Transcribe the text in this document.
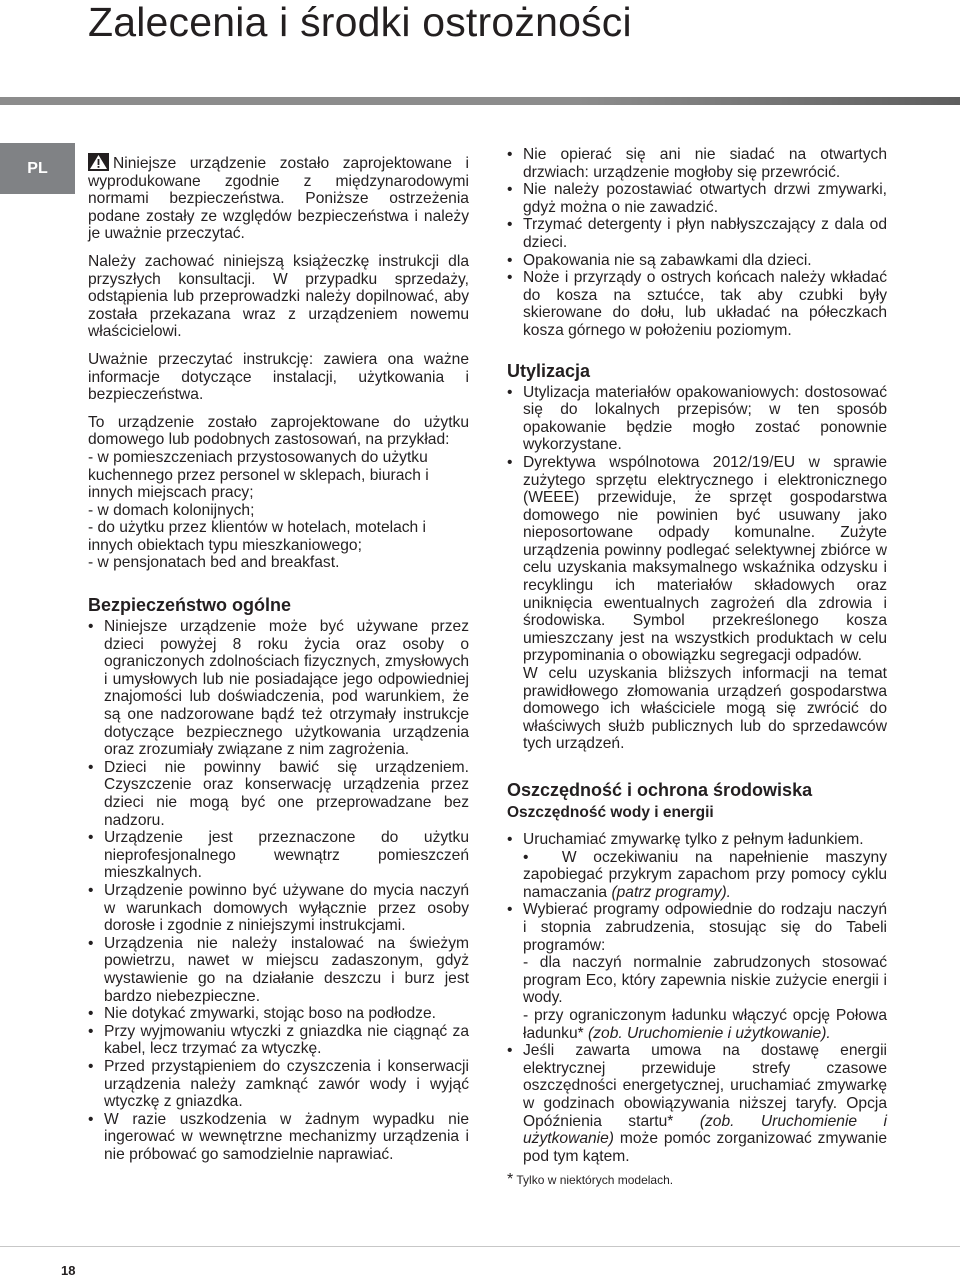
Zalecenia i środki ostrożności
PL	Niniejsze urządzenie zostało zaprojektowane i wyprodukowane zgodnie z międzynarodowymi normami bezpieczeństwa. Poniższe ostrzeżenia podane zostały ze względów bezpieczeństwa i należy je uważnie przeczytać.

Należy zachować niniejszą książeczkę instrukcji dla przyszłych konsultacji. W przypadku sprzedaży, odstąpienia lub przeprowadzki należy dopilnować, aby została przekazana wraz z urządzeniem nowemu właścicielowi.

Uważnie przeczytać instrukcję: zawiera ona ważne informacje dotyczące instalacji, użytkowania i bezpieczeństwa.

To urządzenie zostało zaprojektowane do użytku domowego lub podobnych zastosowań, na przykład:
- w pomieszczeniach przystosowanych do użytku kuchennego przez personel w sklepach, biurach i innych miejscach pracy;
- w domach kolonijnych;
- do użytku przez klientów w hotelach, motelach i innych obiektach typu mieszkaniowego;
- w pensjonatach bed and breakfast.

Bezpieczeństwo ogólne
• Niniejsze urządzenie może być używane przez dzieci powyżej 8 roku życia oraz osoby o ograniczonych zdolnościach fizycznych, zmysłowych i umysłowych lub nie posiadające jego odpowiedniej znajomości lub doświadczenia, pod warunkiem, że są one nadzorowane bądź też otrzymały instrukcje dotyczące bezpiecznego użytkowania urządzenia oraz zrozumiały związane z nim zagrożenia.
• Dzieci nie powinny bawić się urządzeniem. Czyszczenie oraz konserwację urządzenia przez dzieci nie mogą być one przeprowadzane bez nadzoru.
• Urządzenie jest przeznaczone do użytku nieprofesjonalnego wewnątrz pomieszczeń mieszkalnych.
• Urządzenie powinno być używane do mycia naczyń w warunkach domowych wyłącznie przez osoby dorosłe i zgodnie z niniejszymi instrukcjami.
• Urządzenia nie należy instalować na świeżym powietrzu, nawet w miejscu zadaszonym, gdyż wystawienie go na działanie deszczu i burz jest bardzo niebezpieczne.
• Nie dotykać zmywarki, stojąc boso na podłodze.
• Przy wyjmowaniu wtyczki z gniazdka nie ciągnąć za kabel, lecz trzymać za wtyczkę.
• Przed przystąpieniem do czyszczenia i konserwacji urządzenia należy zamknąć zawór wody i wyjąć wtyczkę z gniazdka.
• W razie uszkodzenia w żadnym wypadku nie ingerować w wewnętrzne mechanizmy urządzenia i nie próbować go samodzielnie naprawiać.
• Nie opierać się ani nie siadać na otwartych drzwiach: urządzenie mogłoby się przewrócić.
• Nie należy pozostawiać otwartych drzwi zmywarki, gdyż można o nie zawadzić.
• Trzymać detergenty i płyn nabłyszczający z dala od dzieci.
• Opakowania nie są zabawkami dla dzieci.
• Noże i przyrządy o ostrych końcach należy wkładać do kosza na sztućce, tak aby czubki były skierowane do dołu, lub układać na półeczkach kosza górnego w położeniu poziomym.
Utylizacja
• Utylizacja materiałów opakowaniowych: dostosować się do lokalnych przepisów; w ten sposób opakowanie będzie mogło zostać ponownie wykorzystane.
• Dyrektywa wspólnotowa 2012/19/EU w sprawie zużytego sprzętu elektrycznego i elektronicznego (WEEE) przewiduje, że sprzęt gospodarstwa domowego nie powinien być usuwany jako nieposortowane odpady komunalne. Zużyte urządzenia powinny podlegać selektywnej zbiórce w celu uzyskania maksymalnego wskaźnika odzysku i recyklingu ich materiałów składowych oraz uniknięcia ewentualnych zagrożeń dla zdrowia i środowiska. Symbol przekreślonego kosza umieszczany jest na wszystkich produktach w celu przypominania o obowiązku segregacji odpadów.
W celu uzyskania bliższych informacji na temat prawidłowego złomowania urządzeń gospodarstwa domowego ich właściciele mogą się zwrócić do właściwych służb publicznych lub do sprzedawców tych urządzeń.
Oszczędność i ochrona środowiska
Oszczędność wody i energii
• Uruchamiać zmywarkę tylko z pełnym ładunkiem.
•  W oczekiwaniu na napełnienie maszyny zapobiegać przykrym zapachom przy pomocy cyklu namaczania (patrz programy).
• Wybierać programy odpowiednie do rodzaju naczyń i stopnia zabrudzenia, stosując się do Tabeli programów:
- dla naczyń normalnie zabrudzonych stosować program Eco, który zapewnia niskie zużycie energii i wody.
- przy ograniczonym ładunku włączyć opcję Połowa ładunku* (zob. Uruchomienie i użytkowanie).
• Jeśli zawarta umowa na dostawę energii elektrycznej przewiduje strefy czasowe oszczędności energetycznej, uruchamiać zmywarkę w godzinach obowiązywania niższej taryfy. Opcja Opóźnienia startu* (zob. Uruchomienie i użytkowanie) może pomóc zorganizować zmywanie pod tym kątem.
* Tylko w niektórych modelach.
18
